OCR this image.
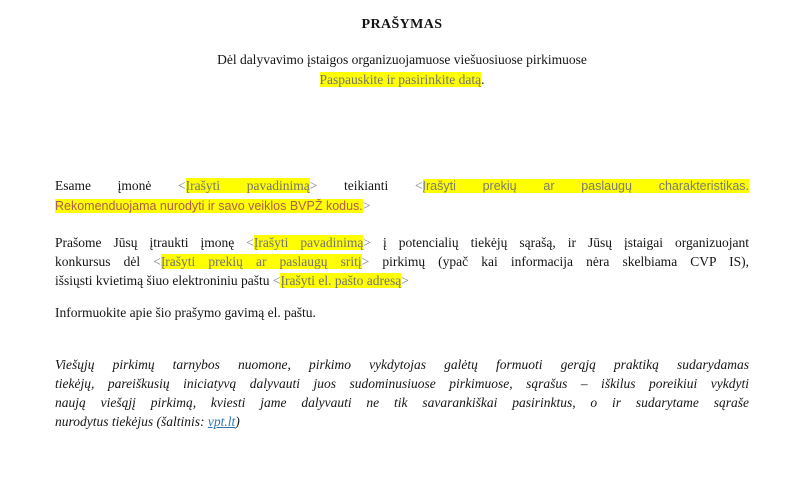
PRAŠYMAS
Dėl dalyvavimo įstaigos organizuojamuose viešuosiuose pirkimuose
Paspauskite ir pasirinkite datą.
Esame įmonė <Įrašyti pavadinimą> teikianti <Įrašyti prekių ar paslaugų charakteristikas.
Rekomenduojama nurodyti ir savo veiklos BVPŽ kodus.>
Prašome Jūsų įtraukti įmonę <Įrašyti pavadinimą> į potencialių tiekėjų sąrašą, ir Jūsų įstaigai organizuojant
konkursus dėl <Įrašyti prekių ar paslaugų sritį> pirkimų (ypač kai informacija nėra skelbiama CVP IS),
išsiųsti kvietimą šiuo elektroniniu paštu <Įrašyti el. pašto adresą>
Informuokite apie šio prašymo gavimą el. paštu.
Viešųjų pirkimų tarnybos nuomone, pirkimo vykdytojas galėtų formuoti gerąją praktiką sudarydamas
tiekėjų, pareiškusių iniciatyvą dalyvauti juos sudominusiuose pirkimuose, sąrašus – iškilus poreikiui vykdyti
naują viešąjį pirkimą, kviesti jame dalyvauti ne tik savarankiškai pasirinktus, o ir sudarytame sąraše
nurodytus tiekėjus (šaltinis: vpt.lt)
